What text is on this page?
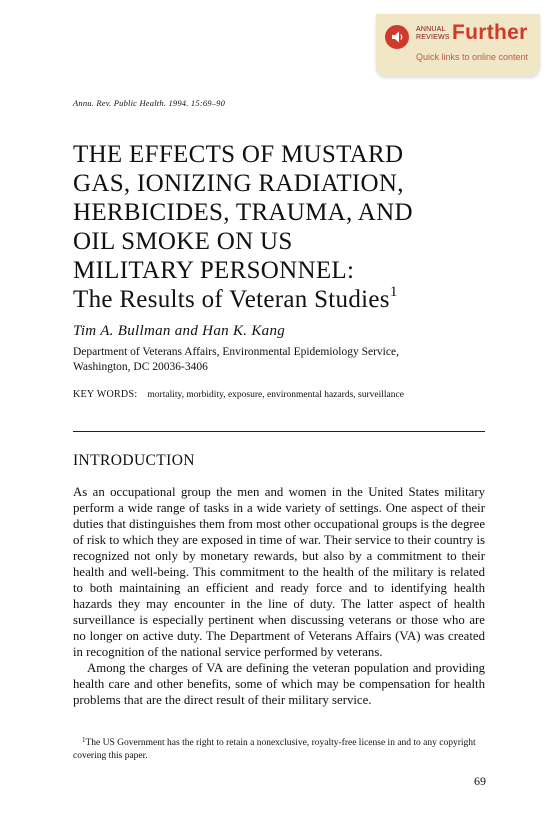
ANNUAL
REVIEWS Further
Quick links to online content
Annu. Rev. Public Health. 1994. 15:69–90
THE EFFECTS OF MUSTARD
GAS, IONIZING RADIATION,
HERBICIDES, TRAUMA, AND
OIL SMOKE ON US
MILITARY PERSONNEL:
The Results of Veteran Studies$^1$
Tim A. Bullman and Han K. Kang
Department of Veterans Affairs, Environmental Epidemiology Service,
Washington, DC 20036-3406
KEY WORDS: mortality, morbidity, exposure, environmental hazards, surveillance
INTRODUCTION

As an occupational group the men and women in the United States military perform a wide range of tasks in a wide variety of settings. One aspect of their duties that distinguishes them from most other occupational groups is the degree of risk to which they are exposed in time of war. Their service to their country is recognized not only by monetary rewards, but also by a commitment to their health and well-being. This commitment to the health of the military is related to both maintaining an efficient and ready force and to identifying health hazards they may encounter in the line of duty. The latter aspect of health surveillance is especially pertinent when discussing veterans or those who are no longer on active duty. The Department of Veterans Affairs (VA) was created in recognition of the national service performed by veterans.

Among the charges of VA are defining the veteran population and providing health care and other benefits, some of which may be compensation for health problems that are the direct result of their military service.

$^1$The US Government has the right to retain a nonexclusive, royalty-free license in and to any copyright covering this paper.
69
